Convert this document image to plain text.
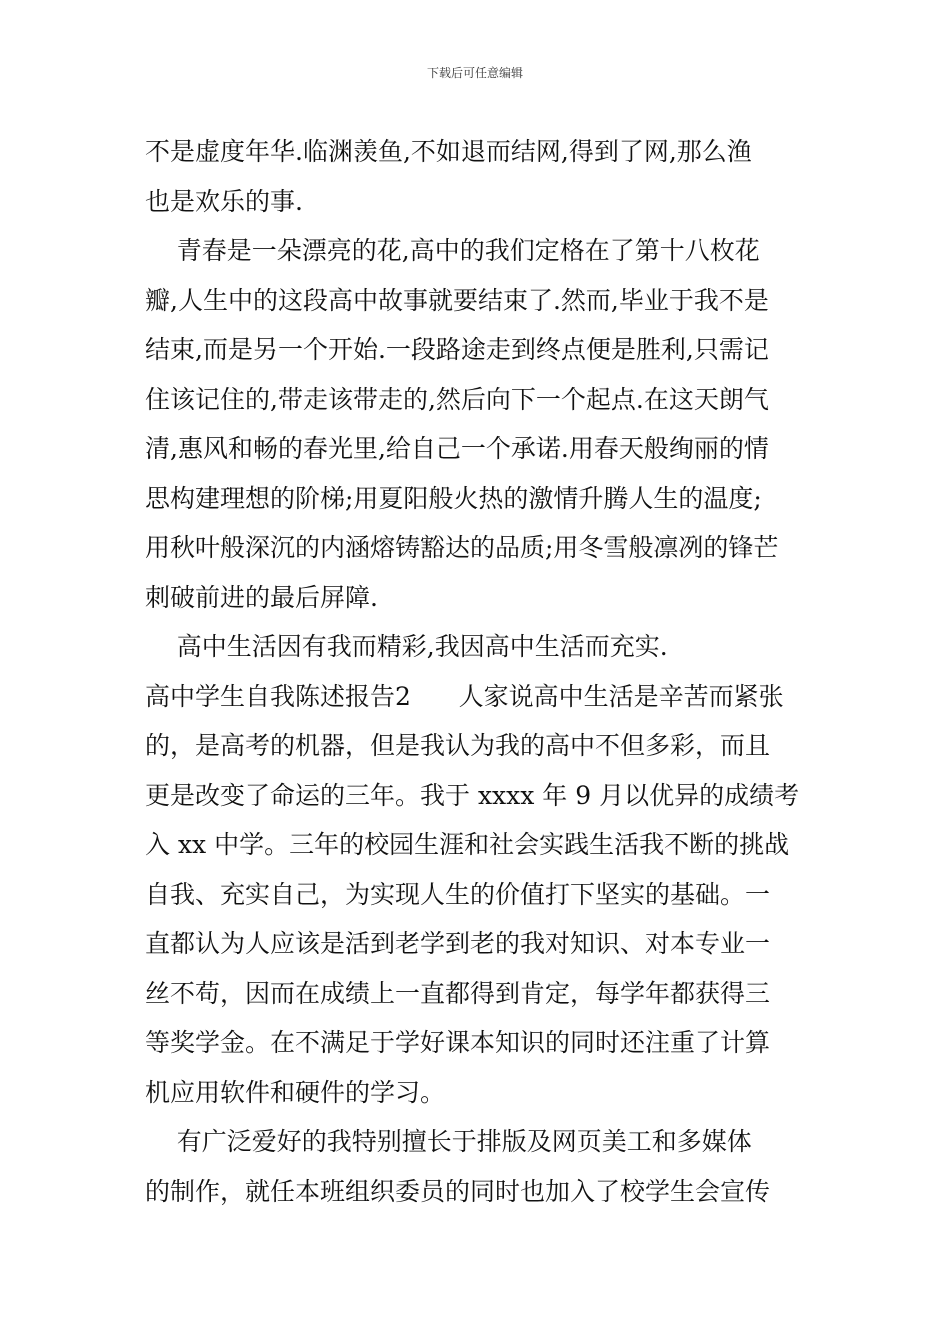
下载后可任意编辑
不是虚度年华.临渊羡鱼,不如退而结网,得到了网,那么渔
也是欢乐的事.
青春是一朵漂亮的花,高中的我们定格在了第十八枚花
瓣,人生中的这段高中故事就要结束了.然而,毕业于我不是
结束,而是另一个开始.一段路途走到终点便是胜利,只需记
住该记住的,带走该带走的,然后向下一个起点.在这天朗气
清,惠风和畅的春光里,给自己一个承诺.用春天般绚丽的情
思构建理想的阶梯;用夏阳般火热的激情升腾人生的温度;
用秋叶般深沉的内涵熔铸豁达的品质;用冬雪般凛冽的锋芒
刺破前进的最后屏障.
高中生活因有我而精彩,我因高中生活而充实.
高中学生自我陈述报告2      人家说高中生活是辛苦而紧张
的，是高考的机器，但是我认为我的高中不但多彩，而且
更是改变了命运的三年。我于 xxxx 年 9 月以优异的成绩考
入 xx 中学。三年的校园生涯和社会实践生活我不断的挑战
自我、充实自己，为实现人生的价值打下坚实的基础。一
直都认为人应该是活到老学到老的我对知识、对本专业一
丝不苟，因而在成绩上一直都得到肯定，每学年都获得三
等奖学金。在不满足于学好课本知识的同时还注重了计算
机应用软件和硬件的学习。
有广泛爱好的我特别擅长于排版及网页美工和多媒体
的制作，就任本班组织委员的同时也加入了校学生会宣传
